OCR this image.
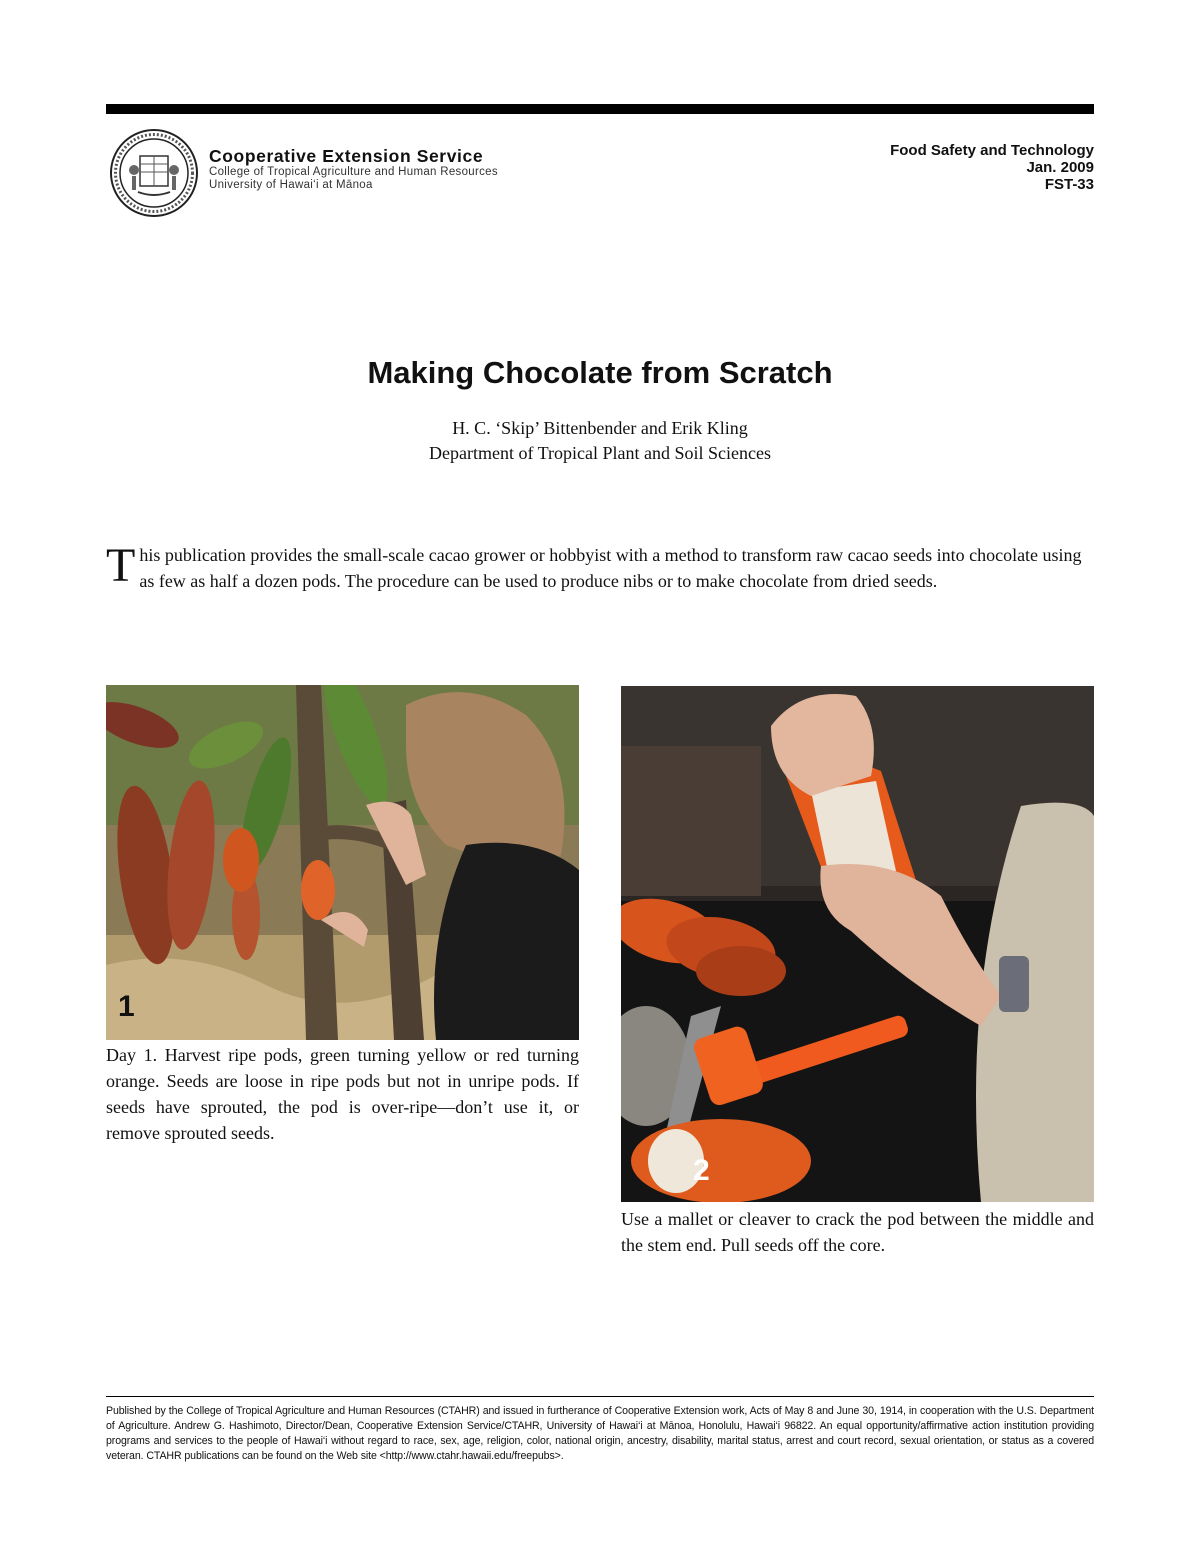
Cooperative Extension Service
College of Tropical Agriculture and Human Resources
University of Hawai‘i at Mānoa
Food Safety and Technology
Jan. 2009
FST-33
Making Chocolate from Scratch
H. C. ‘Skip’ Bittenbender and Erik Kling
Department of Tropical Plant and Soil Sciences
This publication provides the small-scale cacao grower or hobbyist with a method to transform raw cacao seeds into chocolate using as few as half a dozen pods. The procedure can be used to produce nibs or to make chocolate from dried seeds.
1
Day 1. Harvest ripe pods, green turning yellow or red turning orange. Seeds are loose in ripe pods but not in unripe pods. If seeds have sprouted, the pod is over-ripe—don’t use it, or remove sprouted seeds.
2
Use a mallet or cleaver to crack the pod between the middle and the stem end. Pull seeds off the core.
Published by the College of Tropical Agriculture and Human Resources (CTAHR) and issued in furtherance of Cooperative Extension work, Acts of May 8 and June 30, 1914, in cooperation with the U.S. Department of Agriculture. Andrew G. Hashimoto, Director/Dean, Cooperative Extension Service/CTAHR, University of Hawai‘i at Mānoa, Honolulu, Hawai‘i 96822. An equal opportunity/affirmative action institution providing programs and services to the people of Hawai‘i without regard to race, sex, age, religion, color, national origin, ancestry, disability, marital status, arrest and court record, sexual orientation, or status as a covered veteran. CTAHR publications can be found on the Web site <http://www.ctahr.hawaii.edu/freepubs>.
